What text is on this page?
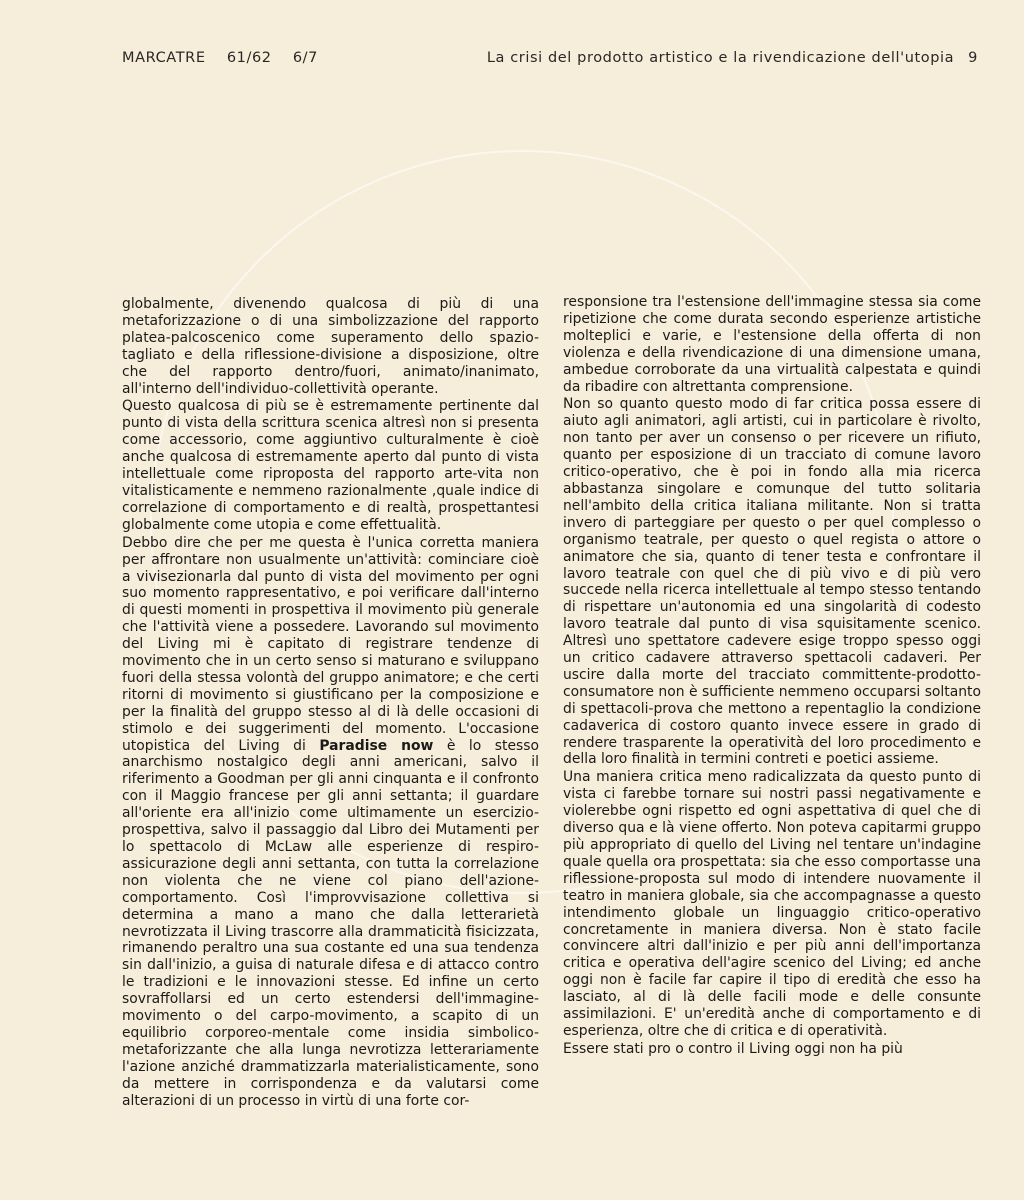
MARCATRE 61/62 6/7	La crisi del prodotto artistico e la rivendicazione dell'utopia 9

globalmente, divenendo qualcosa di più di una metaforizzazione o di una simbolizzazione del rapporto platea-palcoscenico come superamento dello spazio-tagliato e della riflessione-divisione a disposizione, oltre che del rapporto dentro/fuori, animato/inanimato, all'interno dell'individuo-collettività operante.

Questo qualcosa di più se è estremamente pertinente dal punto di vista della scrittura scenica altresì non si presenta come accessorio, come aggiuntivo culturalmente è cioè anche qualcosa di estremamente aperto dal punto di vista intellettuale come riproposta del rapporto arte-vita non vitalisticamente e nemmeno razionalmente ,quale indice di correlazione di comportamento e di realtà, prospettantesi globalmente come utopia e come effettualità.

Debbo dire che per me questa è l'unica corretta maniera per affrontare non usualmente un'attività: cominciare cioè a vivisezionarla dal punto di vista del movimento per ogni suo momento rappresentativo, e poi verificare dall'interno di questi momenti in prospettiva il movimento più generale che l'attività viene a possedere. Lavorando sul movimento del Living mi è capitato di registrare tendenze di movimento che in un certo senso si maturano e sviluppano fuori della stessa volontà del gruppo animatore; e che certi ritorni di movimento si giustificano per la composizione e per la finalità del gruppo stesso al di là delle occasioni di stimolo e dei suggerimenti del momento. L'occasione utopistica del Living di Paradise now è lo stesso anarchismo nostalgico degli anni americani, salvo il riferimento a Goodman per gli anni cinquanta e il confronto con il Maggio francese per gli anni settanta; il guardare all'oriente era all'inizio come ultimamente un esercizio-prospettiva, salvo il passaggio dal Libro dei Mutamenti per lo spettacolo di McLaw alle esperienze di respiro-assicurazione degli anni settanta, con tutta la correlazione non violenta che ne viene col piano dell'azione-comportamento. Così l'improvvisazione collettiva si determina a mano a mano che dalla letterarietà nevrotizzata il Living trascorre alla drammaticità fisicizzata, rimanendo peraltro una sua costante ed una sua tendenza sin dall'inizio, a guisa di naturale difesa e di attacco contro le tradizioni e le innovazioni stesse. Ed infine un certo sovraffollarsi ed un certo estendersi dell'immagine-movimento o del carpo-movimento, a scapito di un equilibrio corporeo-mentale come insidia simbolico-metaforizzante che alla lunga nevrotizza letterariamente l'azione anziché drammatizzarla materialisticamente, sono da mettere in corrispondenza e da valutarsi come alterazioni di un processo in virtù di una forte cor-

responsione tra l'estensione dell'immagine stessa sia come ripetizione che come durata secondo esperienze artistiche molteplici e varie, e l'estensione della offerta di non violenza e della rivendicazione di una dimensione umana, ambedue corroborate da una virtualità calpestata e quindi da ribadire con altrettanta comprensione.

Non so quanto questo modo di far critica possa essere di aiuto agli animatori, agli artisti, cui in particolare è rivolto, non tanto per aver un consenso o per ricevere un rifiuto, quanto per esposizione di un tracciato di comune lavoro critico-operativo, che è poi in fondo alla mia ricerca abbastanza singolare e comunque del tutto solitaria nell'ambito della critica italiana militante. Non si tratta invero di parteggiare per questo o per quel complesso o organismo teatrale, per questo o quel regista o attore o animatore che sia, quanto di tener testa e confrontare il lavoro teatrale con quel che di più vivo e di più vero succede nella ricerca intellettuale al tempo stesso tentando di rispettare un'autonomia ed una singolarità di codesto lavoro teatrale dal punto di visa squisitamente scenico. Altresì uno spettatore cadevere esige troppo spesso oggi un critico cadavere attraverso spettacoli cadaveri. Per uscire dalla morte del tracciato committente-prodotto-consumatore non è sufficiente nemmeno occuparsi soltanto di spettacoli-prova che mettono a repentaglio la condizione cadaverica di costoro quanto invece essere in grado di rendere trasparente la operatività del loro procedimento e della loro finalità in termini contreti e poetici assieme.

Una maniera critica meno radicalizzata da questo punto di vista ci farebbe tornare sui nostri passi negativamente e violerebbe ogni rispetto ed ogni aspettativa di quel che di diverso qua e là viene offerto. Non poteva capitarmi gruppo più appropriato di quello del Living nel tentare un'indagine quale quella ora prospettata: sia che esso comportasse una riflessione-proposta sul modo di intendere nuovamente il teatro in maniera globale, sia che accompagnasse a questo intendimento globale un linguaggio critico-operativo concretamente in maniera diversa. Non è stato facile convincere altri dall'inizio e per più anni dell'importanza critica e operativa dell'agire scenico del Living; ed anche oggi non è facile far capire il tipo di eredità che esso ha lasciato, al di là delle facili mode e delle consunte assimilazioni. E' un'eredità anche di comportamento e di esperienza, oltre che di critica e di operatività.

Essere stati pro o contro il Living oggi non ha più
